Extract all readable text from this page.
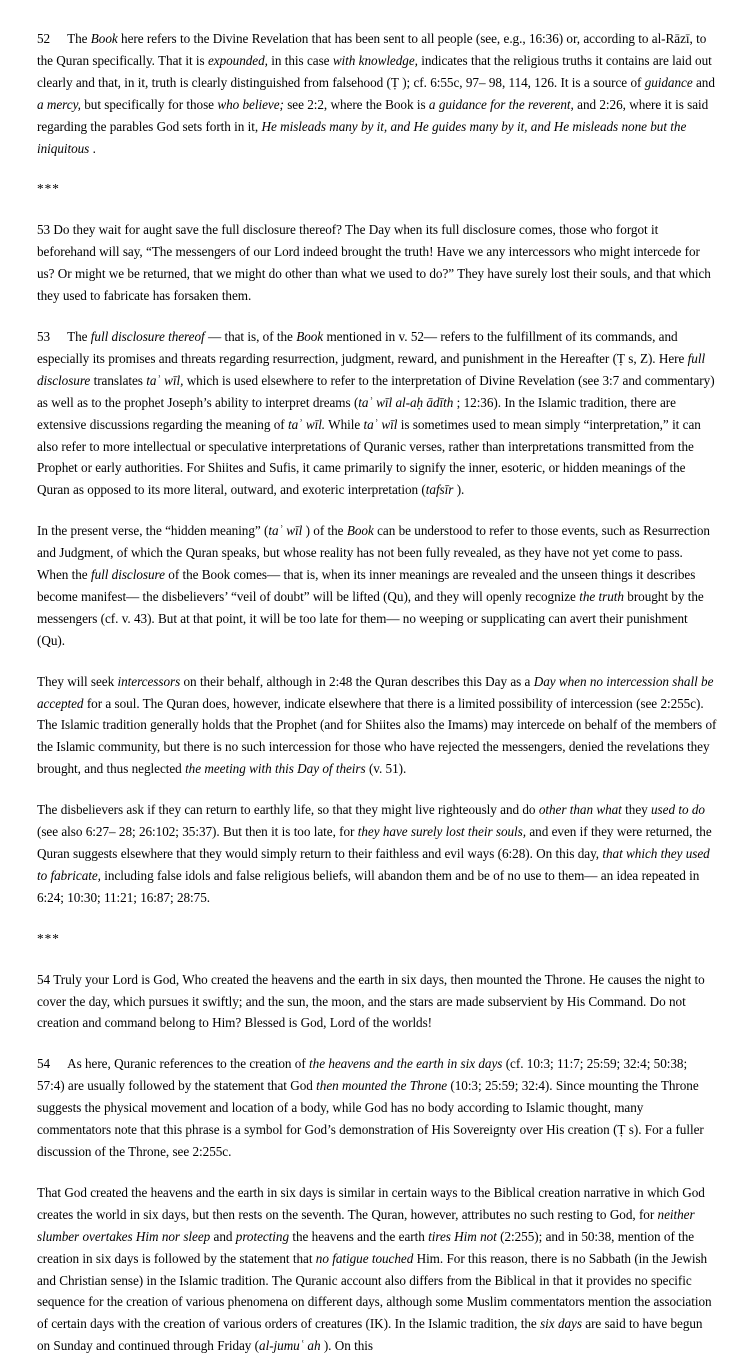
52 The Book here refers to the Divine Revelation that has been sent to all people (see, e.g., 16:36) or, according to al-Rāzī, to the Quran specifically. That it is expounded, in this case with knowledge, indicates that the religious truths it contains are laid out clearly and that, in it, truth is clearly distinguished from falsehood (Ṭ ); cf. 6:55c, 97– 98, 114, 126. It is a source of guidance and a mercy, but specifically for those who believe; see 2:2, where the Book is a guidance for the reverent, and 2:26, where it is said regarding the parables God sets forth in it, He misleads many by it, and He guides many by it, and He misleads none but the iniquitous .
***
53 Do they wait for aught save the full disclosure thereof? The Day when its full disclosure comes, those who forgot it beforehand will say, “The messengers of our Lord indeed brought the truth! Have we any intercessors who might intercede for us? Or might we be returned, that we might do other than what we used to do?” They have surely lost their souls, and that which they used to fabricate has forsaken them.
53 The full disclosure thereof — that is, of the Book mentioned in v. 52— refers to the fulfillment of its commands, and especially its promises and threats regarding resurrection, judgment, reward, and punishment in the Hereafter (Ṭ s, Z). Here full disclosure translates taʾ wīl, which is used elsewhere to refer to the interpretation of Divine Revelation (see 3:7 and commentary) as well as to the prophet Joseph’s ability to interpret dreams (taʾ wīl al-aḥ ādīth ; 12:36). In the Islamic tradition, there are extensive discussions regarding the meaning of taʾ wīl. While taʾ wīl is sometimes used to mean simply “interpretation,” it can also refer to more intellectual or speculative interpretations of Quranic verses, rather than interpretations transmitted from the Prophet or early authorities. For Shiites and Sufis, it came primarily to signify the inner, esoteric, or hidden meanings of the Quran as opposed to its more literal, outward, and exoteric interpretation (tafsīr ).
In the present verse, the “hidden meaning” (taʾ wīl ) of the Book can be understood to refer to those events, such as Resurrection and Judgment, of which the Quran speaks, but whose reality has not been fully revealed, as they have not yet come to pass. When the full disclosure of the Book comes— that is, when its inner meanings are revealed and the unseen things it describes become manifest— the disbelievers’ “veil of doubt” will be lifted (Qu), and they will openly recognize the truth brought by the messengers (cf. v. 43). But at that point, it will be too late for them— no weeping or supplicating can avert their punishment (Qu).
They will seek intercessors on their behalf, although in 2:48 the Quran describes this Day as a Day when no intercession shall be accepted for a soul. The Quran does, however, indicate elsewhere that there is a limited possibility of intercession (see 2:255c). The Islamic tradition generally holds that the Prophet (and for Shiites also the Imams) may intercede on behalf of the members of the Islamic community, but there is no such intercession for those who have rejected the messengers, denied the revelations they brought, and thus neglected the meeting with this Day of theirs (v. 51).
The disbelievers ask if they can return to earthly life, so that they might live righteously and do other than what they used to do (see also 6:27– 28; 26:102; 35:37). But then it is too late, for they have surely lost their souls, and even if they were returned, the Quran suggests elsewhere that they would simply return to their faithless and evil ways (6:28). On this day, that which they used to fabricate, including false idols and false religious beliefs, will abandon them and be of no use to them— an idea repeated in 6:24; 10:30; 11:21; 16:87; 28:75.
***
54 Truly your Lord is God, Who created the heavens and the earth in six days, then mounted the Throne. He causes the night to cover the day, which pursues it swiftly; and the sun, the moon, and the stars are made subservient by His Command. Do not creation and command belong to Him? Blessed is God, Lord of the worlds!
54 As here, Quranic references to the creation of the heavens and the earth in six days (cf. 10:3; 11:7; 25:59; 32:4; 50:38; 57:4) are usually followed by the statement that God then mounted the Throne (10:3; 25:59; 32:4). Since mounting the Throne suggests the physical movement and location of a body, while God has no body according to Islamic thought, many commentators note that this phrase is a symbol for God’s demonstration of His Sovereignty over His creation (Ṭ s). For a fuller discussion of the Throne, see 2:255c.
That God created the heavens and the earth in six days is similar in certain ways to the Biblical creation narrative in which God creates the world in six days, but then rests on the seventh. The Quran, however, attributes no such resting to God, for neither slumber overtakes Him nor sleep and protecting the heavens and the earth tires Him not (2:255); and in 50:38, mention of the creation in six days is followed by the statement that no fatigue touched Him. For this reason, there is no Sabbath (in the Jewish and Christian sense) in the Islamic tradition. The Quranic account also differs from the Biblical in that it provides no specific sequence for the creation of various phenomena on different days, although some Muslim commentators mention the association of certain days with the creation of various orders of creatures (IK). In the Islamic tradition, the six days are said to have begun on Sunday and continued through Friday (al-jumuʿ ah ). On this
